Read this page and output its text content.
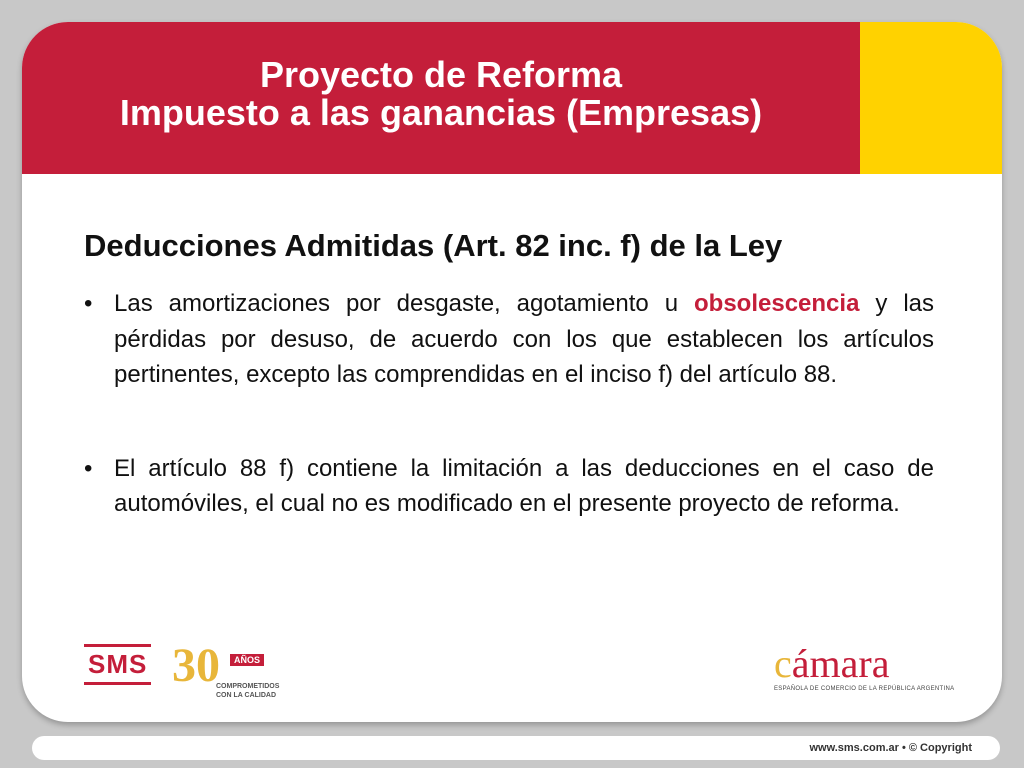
Proyecto de Reforma
Impuesto a las ganancias (Empresas)
Deducciones Admitidas (Art. 82 inc. f) de la Ley
• Las amortizaciones por desgaste, agotamiento u obsolescencia y las pérdidas por desuso, de acuerdo con los que establecen los artículos pertinentes, excepto las comprendidas en el inciso f) del artículo 88.
• El artículo 88 f) contiene la limitación a las deducciones en el caso de automóviles, el cual no es modificado en el presente proyecto de reforma.
SMS 30	AÑOS
COMPROMETIDOS CON LA CALIDAD
cámara
ESPAÑOLA DE COMERCIO DE LA REPÚBLICA ARGENTINA
www.sms.com.ar • © Copyright
